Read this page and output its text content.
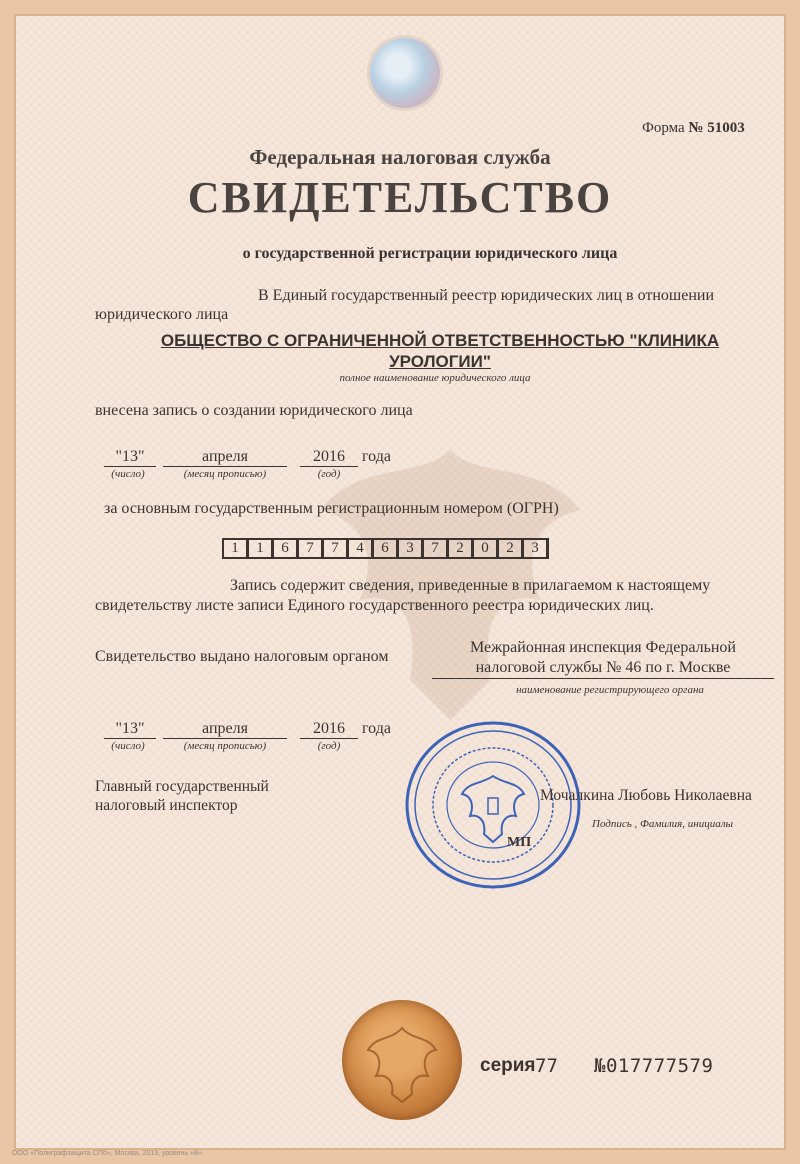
Форма № 51003
Федеральная налоговая служба
СВИДЕТЕЛЬСТВО
о государственной регистрации юридического лица
В Единый государственный реестр юридических лиц в отношении
юридического лица
ОБЩЕСТВО С ОГРАНИЧЕННОЙ ОТВЕТСТВЕННОСТЬЮ "КЛИНИКА
УРОЛОГИИ"
полное наименование юридического лица
внесена запись о создании юридического лица
"13"	апреля	2016	года
(число)	(месяц прописью)	(год)
за основным государственным регистрационным номером (ОГРН)
1	1	6	7	7	4	6	3	7	2	0	2	3
Запись содержит сведения, приведенные в прилагаемом к настоящему
свидетельству листе записи Единого государственного реестра юридических лиц.
Свидетельство выдано налоговым органом
Межрайонная инспекция Федеральной
налоговой службы № 46 по г. Москве
наименование регистрирующего органа
"13"	апреля	2016	года
(число)	(месяц прописью)	(год)
Главный государственный
налоговый инспектор
Мочалкина Любовь Николаевна
Подпись , Фамилия, инициалы
МП
серия 77 №017777579
ООО «Полиграфзащита СПб», Москва, 2013, уровень «В»
